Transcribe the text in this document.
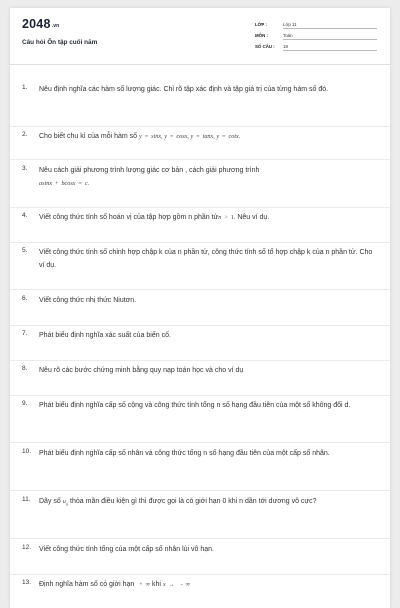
2048.vn
Câu hỏi Ôn tập cuối năm
LỚP :	Lớp 11
MÔN :	Toán
SỐ CÂU : 18
1. Nêu định nghĩa các hàm số lượng giác. Chỉ rõ tập xác định và tập giá trị của từng hàm số đó.
2. Cho biết chu kì của mỗi hàm số y = sinx, y = cosx, y = tanx, y = cotx.
3. Nêu cách giải phương trình lượng giác cơ bản , cách giải phương trình
asinx + bcosx = c.
4. Viết công thức tính số hoán vị của tập hợp gồm n phần tửn > 1. Nêu ví dụ.
5. Viết công thức tính số chỉnh hợp chập k của n phần tử, công thức tính số tổ hợp chập k của n phần tử. Cho ví dụ.
6. Viết công thức nhị thức Niutơn.
7. Phát biểu định nghĩa xác suất của biến cố.
8. Nêu rõ các bước chứng minh bằng quy nạp toán học và cho ví dụ
9. Phát biểu định nghĩa cấp số cộng và công thức tính tổng n số hạng đầu tiên của một số không đổi d.
10. Phát biểu định nghĩa cấp số nhân và công thức tổng n số hạng đầu tiên của một cấp số nhân.
11. Dãy số $u_n$ thỏa mãn điều kiện gì thì được gọi là có giới hạn 0 khi n dần tới dương vô cực?
12. Viết công thức tính tổng của một cấp số nhân lùi vô hạn.
13. Định nghĩa hàm số có giới hạn + ∞ khi x → - ∞
